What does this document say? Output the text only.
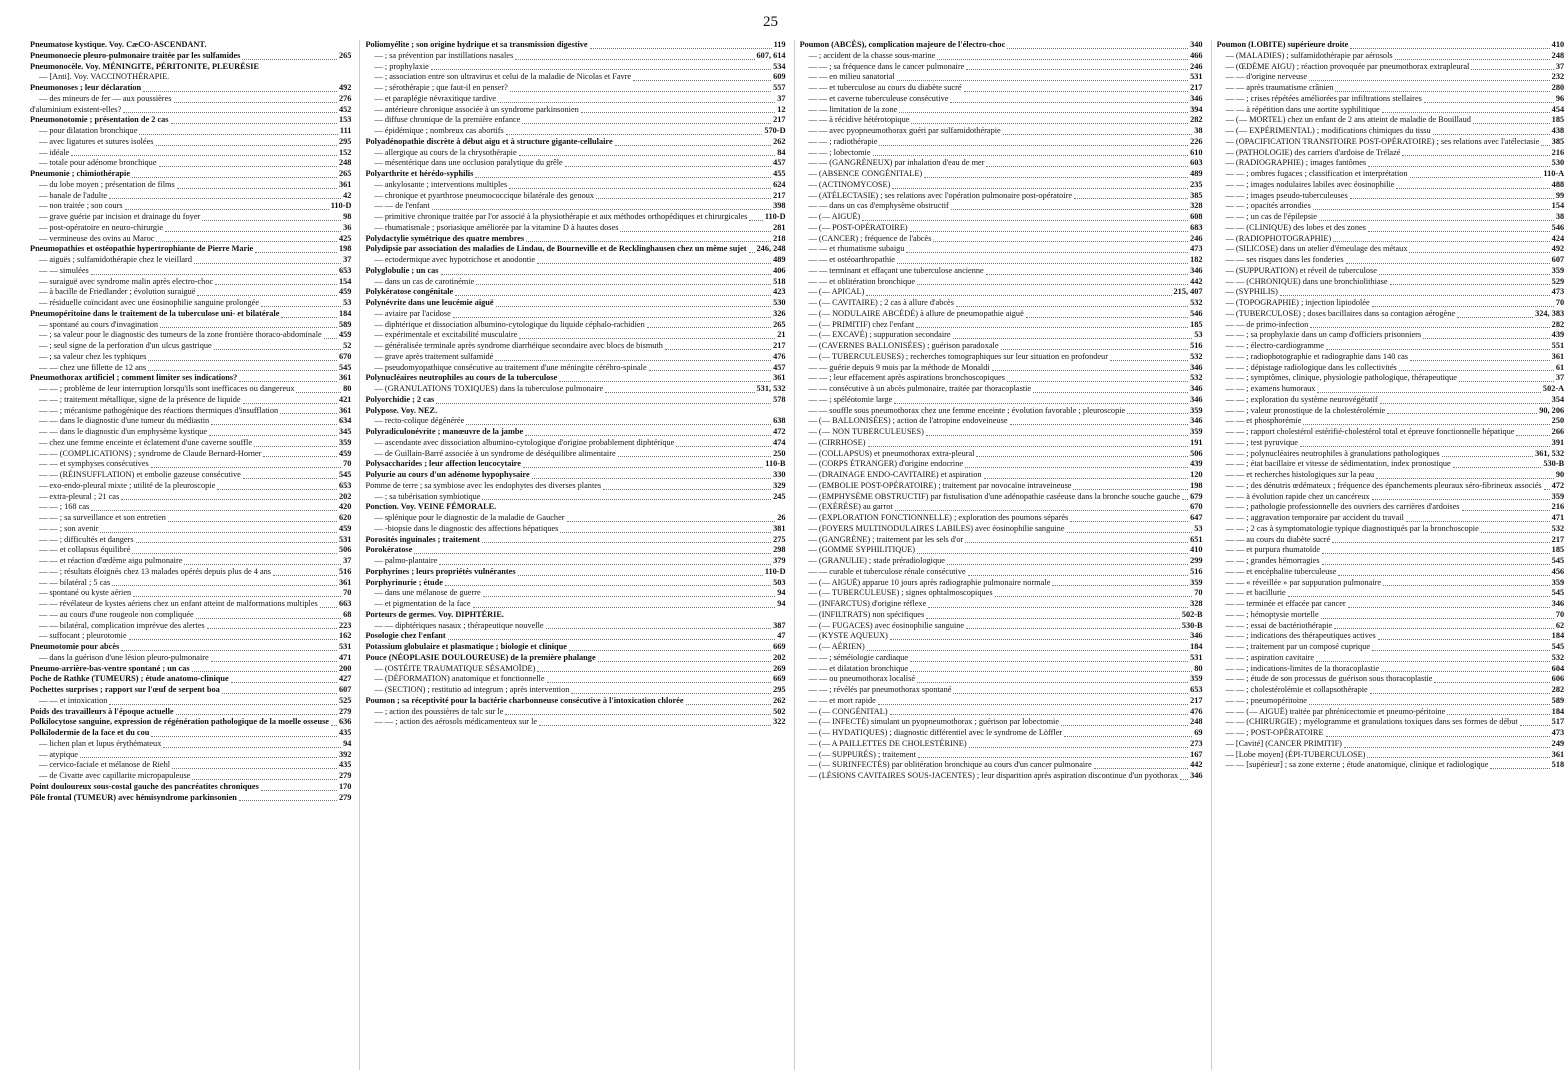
25
Pneumatose kystique. Voy. CæCO-ASCENDANT.
Pneumonoecie pleuro-pulmonaire traitée par les sulfamides	265
Pneumonocèle. Voy. MÉNINGITE, PÉRITONITE, PLEURÉSIE
— [Anti]. Voy. VACCINOTHÉRAPIE.
Pneumonoses ; leur déclaration	492
— des mineurs de fer — aux poussières	276
d'aluminium existent-elles?	452
Pneumonotomie ; présentation de 2 cas	153
— pour dilatation bronchique	111
— avec ligatures et sutures isolées	295
— idéale	152
— totale pour adénome bronchique	248
Pneumonie ; chimiothérapie	265
— du lobe moyen ; présentation de films	361
— banale de l'adulte	42
— non traitée ; son cours	110-D
— grave guérie par incision et drainage du foyer	98
— post-opératoire en neuro-chirurgie	36
— vermineuse des ovins au Maroc	425
Pneumopathies et ostéopathie hypertrophiante de Pierre Marie	198
— aiguës ; sulfamidothérapie chez le vieillard	37
— — simulées	653
— suraiguë avec syndrome malin après electro-choc	154
— à bacille de Friedlander ; évolution suraiguë	459
— résiduelle coïncidant avec une éosinophilie sanguine prolongée	53
Pneumopéritoine dans le traitement de la tuberculose uni- et bilatérale	184
— spontané au cours d'invagination	589
— ; sa valeur pour le diagnostic des tumeurs de la zone frontière thoraco-abdominale 459
— ; seul signe de la perforation d'un ulcus gastrique	52
— ; sa valeur chez les typhiques	670
— — chez une fillette de 12 ans	545
Pneumothorax artificiel ; comment limiter ses indications?	361
— — ; problème de leur interruption lorsqu'ils sont inefficaces ou dangereux	80
— — ; traitement métallique, signe de la présence de liquide	421
— — ; mécanisme pathogénique des réactions thermiques d'insufflation	361
— — dans le diagnostic d'une tumeur du médiastin	634
— — dans le diagnostic d'un emphysème kystique	345
— chez une femme enceinte et éclatement d'une caverne souffle	359
— — (COMPLICATIONS) ; syndrome de Claude Bernard-Horner	459
— — et symphyses consécutives	70
— — (RÉINSUFFLATION) et embolie gazeuse consécutive	545
— exo-endo-pleural mixte ; utilité de la pleuroscopie	653
— extra-pleural ; 21 cas	202
— — ; 168 cas	420
— — ; sa surveillance et son entretien	620
— — ; son avenir	459
— — ; difficultés et dangers	531
— — et collapsus équilibré	506
— — et réaction d'œdème aigu pulmonaire	37
— — ; résultats éloignés chez 13 malades opérés depuis plus de 4 ans	516
— — bilatéral ; 5 cas	361
— spontané ou kyste aérien	70
— — révélateur de kystes aériens chez un enfant atteint de malformations multiples	663
— — au cours d'une rougeole non compliquée	68
— — bilatéral, complication imprévue des alertes	223
— suffocant ; pleurotomie	162
Pneumotomie pour abcès	531
— dans la guérison d'une lésion pleuro-pulmonaire	471
Pneumo-arrière-bas-ventre spontané ; un cas	200
Poche de Rathke (TUMEURS) ; étude anatomo-clinique	427
Pochettes surprises ; rapport sur l'œuf de serpent boa	607
— — et intoxication	525
Poids des travailleurs à l'époque actuelle	279
Polkilocytose sanguine, expression de régénération pathologique de la moelle osseuse 636
Polkilodermie de la face et du cou	435
— lichen plan et lupus érythémateux	94
— atypique	392
— cervico-faciale et mélanose de Riehl	435
— de Civatte avec capillarite micropapuleuse	279
Point douloureux sous-costal gauche des pancréatites chroniques	170
Pôle frontal (TUMEUR) avec hémisyndrome parkinsonien	279
Poliomyélite ; son origine hydrique et sa transmission digestive	119
— ; sa prévention par instillations nasales	607, 614
— ; prophylaxie	534
— ; association entre son ultravirus et celui de la maladie de Nicolas et Favre	609
— ; sérothérapie ; que faut-il en penser?	557
— et paraplégie névraxitique tardive	37
— antérieure chronique associée à un syndrome parkinsonien	12
— diffuse chronique de la première enfance	217
— épidémique ; nombreux cas abortifs	570-D
Polyadénopathie discrète à début aigu et à structure gigante-cellulaire	262
— allergique au cours de la chrysothérapie	84
— mésentérique dans une occlusion paralytique du grêle	457
Polyarthrite et hérédo-syphilis	455
— ankylosante ; interventions multiples	624
— chronique et pyarthrose pneumococcique bilatérale des genoux	217
— — de l'enfant	398
— primitive chronique traitée par l'or associé à la physiothérapie et aux méthodes orthopédiques et chirurgicales 110-D
— rhumatismale ; psoriasique améliorée par la vitamine D à hautes doses	281
Polydactylie symétrique des quatre membres	218
Polydipsie par association des maladies de Lindau, de Bourneville et de Recklinghausen chez un même sujet 246, 248
— ectodermique avec hypotrichose et anodontie	489
Polyglobulie ; un cas	406
— dans un cas de carotinémie	518
Polykératose congénitale	423
Polynévrite dans une leucémie aiguë	530
— aviaire par l'acidose	326
— diphtérique et dissociation albumino-cytologique du liquide céphalo-rachidien	265
— expérimentale et excitabilité musculaire	21
— généralisée terminale après syndrome diarrhéique secondaire avec blocs de bismuth	217
— grave après traitement sulfamidé	476
— pseudomyopathique consécutive au traitement d'une méningite cérébro-spinale	457
Polynucléaires neutrophiles au cours de la tuberculose	361
— (GRANULATIONS TOXIQUES) dans la tuberculose pulmonaire	531, 532
Polyorchidie ; 2 cas	578
Polypose. Voy. NEZ.
— recto-colique dégénérée	638
Polyradiculonévrite ; manœuvre de la jambe	472
— ascendante avec dissociation albumino-cytologique d'origine probablement diphtérique	474
— de Guillain-Barré associée à un syndrome de déséquilibre alimentaire	250
Polysaccharides ; leur affection leucocytaire	110-B
Polyurie au cours d'un adénome hypophysaire	330
Pomme de terre ; sa symbiose avec les endophytes des diverses plantes	329
— ; sa tubérisation symbiotique	245
Ponction. Voy. VEINE FÉMORALE.
— splénique pour le diagnostic de la maladie de Gaucher	26
— -biopsie dans le diagnostic des affections hépatiques	381
Porosités inguinales ; traitement	275
Porokératose	298
— palmo-plantaire	379
Porphyrines ; leurs propriétés vulnérantes	110-D
Porphyrinurie ; étude	503
— dans une mélanose de guerre	94
— et pigmentation de la face	94
Porteurs de germes. Voy. DIPHTÉRIE.
— — diphtériques nasaux ; thérapeutique nouvelle	387
Posologie chez l'enfant	47
Potassium globulaire et plasmatique ; biologie et clinique	669
Pouce (NÉOPLASIE DOULOUREUSE) de la première phalange	202
— (OSTÉITE TRAUMATIQUE SÉSAMOÏDE)	269
— (DÉFORMATION) anatomique et fonctionnelle	669
— (SECTION) ; restitutio ad integrum ; après intervention	295
Poumon ; sa réceptivité pour la bactérie charbonneuse consécutive à l'intoxication chlorée	262
— ; action des poussières de talc sur le	502
— — ; action des aérosols médicamenteux sur le	322
Poumon (ABCÈS), complication majeure de l'électro-choc	340
— ; accident de la chasse sous-marine	466
— — ; sa fréquence dans le cancer pulmonaire	246
— — en milieu sanatorial	531
— — et tuberculose au cours du diabète sucré	217
— — et caverne tuberculeuse consécutive	346
— — limitation de la zone	394
— — à récidive hétérotopique	282
— — avec pyopneumothorax guéri par sulfamidothérapie	38
— — ; radiothérapie	226
— — ; lobectomie	610
— — (GANGRÈNEUX) par inhalation d'eau de mer	603
— (ABSENCE CONGÉNITALE)	489
— (ACTINOMYCOSE)	235
— (ATÉLECTASIE) ; ses relations avec l'opération pulmonaire post-opératoire	385
— — dans un cas d'emphysème obstructif	328
— (— AIGUË)	608
— (— POST-OPÉRATOIRE)	683
— (CANCER) ; fréquence de l'abcès	246
— — et rhumatisme subaigu	473
— — et ostéoarthropathie	182
— — terminant et effaçant une tuberculose ancienne	346
— — et oblitération bronchique	442
— (— APICAL)	215, 407
— (— CAVITAIRE) ; 2 cas à allure d'abcès	532
— (— NODULAIRE ABCÉDÉ) à allure de pneumopathie aiguë	546
— (— PRIMITIF) chez l'enfant	185
— (— EXCAVÉ) ; suppuration secondaire	53
— (CAVERNES BALLONISÉES) ; guérison paradoxale	516
— (— TUBERCULEUSES) ; recherches tomographiques sur leur situation en profondeur	532
— — guérie depuis 9 mois par la méthode de Monaldi	346
— — ; leur effacement après aspirations bronchoscopiques	532
— — consécutive à un abcès pulmonaire, traitée par thoracoplastie	346
— — ; spéléotomie large	346
— — souffle sous pneumothorax chez une femme enceinte ; évolution favorable ; pleuroscopie	359
— (— BALLONISÉES) ; action de l'atropine endoveineuse	346
— (— NON TUBERCULEUSES)	359
— (CIRRHOSE)	191
— (COLLAPSUS) et pneumothorax extra-pleural	506
— (CORPS ÉTRANGER) d'origine endocrine	439
— (DRAINAGE ENDO-CAVITAIRE) et aspiration	120
— (EMBOLIE POST-OPÉRATOIRE) ; traitement par novocaïne intraveineuse	198
— (EMPHYSÈME OBSTRUCTIF) par fistulisation d'une adénopathie caséeuse dans la bronche souche gauche 679
— (EXÉRÈSE) au garrot	670
— (EXPLORATION FONCTIONNELLE) ; exploration des poumons séparés	647
— (FOYERS MULTINODULAIRES LABILES) avec éosinophilie sanguine	53
— (GANGRÈNE) ; traitement par les sels d'or	651
— (GOMME SYPHILITIQUE)	410
— (GRANULIE) ; stade préradiologique	299
— — curable et tuberculose rénale consécutive	516
— (— AIGUË) apparue 10 jours après radiographie pulmonaire normale	359
— (— TUBERCULEUSE) ; signes ophtalmoscopiques	70
— (INFARCTUS) d'origine réflexe	328
— (INFILTRATS) non spécifiques	502-B
— (— FUGACES) avec éosinophilie sanguine	530-B
— (KYSTE AQUEUX)	346
— (— AÉRIEN)	184
— — ; séméiologie cardiaque	531
— — et dilatation bronchique	80
— — ou pneumothorax localisé	359
— — ; révélés par pneumothorax spontané	653
— — et mort rapide	217
— (— CONGÉNITAL)	476
— (— INFECTÉ) simulant un pyopneumothorax ; guérison par lobectomie	248
— (— HYDATIQUES) ; diagnostic différentiel avec le syndrome de Löffler	69
— (— A PAILLETTES DE CHOLESTÉRINE)	273
— (— SUPPURÉS) ; traitement	167
— (— SURINFECTÉS) par oblitération bronchique au cours d'un cancer pulmonaire	442
— (LÉSIONS CAVITAIRES SOUS-JACENTES) ; leur disparition après aspiration discontinue d'un pyothorax 346
Poumon (LOBITE) supérieure droite	410
— (MALADIES) ; sulfamidothérapie par aérosols	248
— (ŒDÈME AIGU) ; réaction provoquée par pneumothorax extrapleural	37
— — d'origine nerveuse	232
— — après traumatisme crânien	280
— — ; crises répétées améliorées par infiltrations stellaires	96
— — à répétition dans une aortite syphilitique	454
— (— MORTEL) chez un enfant de 2 ans atteint de maladie de Bouillaud	185
— (— EXPÉRIMENTAL) ; modifications chimiques du tissu	438
— (OPACIFICATION TRANSITOIRE POST-OPÉRATOIRE) ; ses relations avec l'atélectasie 385
— (PATHOLOGIE) des carriers d'ardoise de Trélazé	216
— (RADIOGRAPHIE) ; images fantômes	530
— — ; ombres fugaces ; classification et interprétation	110-A
— — ; images nodulaires labiles avec éosinophilie	488
— — ; images pseudo-tuberculeuses	99
— — ; opacités arrondies	154
— — ; un cas de l'épilepsie	38
— — (CLINIQUE) des lobes et des zones	546
— (RADIOPHOTOGRAPHIE)	424
— (SILICOSE) dans un atelier d'émeulage des métaux	492
— — ses risques dans les fonderies	607
— (SUPPURATION) et réveil de tuberculose	359
— — (CHRONIQUE) dans une bronchiolithiase	529
— (SYPHILIS)	473
— (TOPOGRAPHIE) ; injection lipiodolée	70
— (TUBERCULOSE) ; doses bacillaires dans sa contagion aérogène	324, 383
— — de primo-infection	282
— — ; sa prophylaxie dans un camp d'officiers prisonniers	439
— — ; électro-cardiogramme	551
— — ; radiophotographie et radiographie dans 140 cas	361
— — ; dépistage radiologique dans les collectivités	61
— — ; symptômes, clinique, physiologie pathologique, thérapeutique	37
— — ; examens humoraux	502-A
— — ; exploration du système neurovégétatif	354
— — ; valeur pronostique de la cholestérolémie	90, 206
— — et phosphorémie	250
— — ; rapport cholestérol estérifié-cholestérol total et épreuve fonctionnelle hépatique	266
— — ; test pyruvique	391
— — ; polynucléaires neutrophiles à granulations pathologiques	361, 532
— — ; état bacillaire et vitesse de sédimentation, index pronostique	530-B
— — et recherches histologiques sur la peau	90
— — ; des dénutris œdémateux ; fréquence des épanchements pleuraux séro-fibrineux associés 472
— — à évolution rapide chez un cancéreux	359
— — ; pathologie professionnelle des ouvriers des carrières d'ardoises	216
— — ; aggravation temporaire par accident du travail	471
— — ; 2 cas à symptomatologie typique diagnostiqués par la bronchoscopie	532
— — au cours du diabète sucré	217
— — et purpura rhumatoïde	185
— — ; grandes hémorragies	545
— — et encéphalite tuberculeuse	456
— — « réveillée » par suppuration pulmonaire	359
— — et bacillurie	545
— — terminée et effacée par cancer	346
— — ; hémoptysie mortelle	70
— — ; essai de bactériothérapie	62
— — ; indications des thérapeutiques actives	184
— — ; traitement par un composé cuprique	545
— — ; aspiration cavitaire	532
— — ; indications-limites de la thoracoplastie	604
— — ; étude de son processus de guérison sous thoracoplastie	606
— — ; cholestérolémie et collapsothérapie	282
— — ; pneumopéritoine	589
— — (— AIGUË) traitée par phrénicectomie et pneumo-péritoine	184
— — (CHIRURGIE) ; myélogramme et granulations toxiques dans ses formes de début	517
— — ; POST-OPÉRATOIRE	473
— [Cavité] (CANCER PRIMITIF)	249
— [Lobe moyen] (ÉPI-TUBERCULOSE)	361
— — [supérieur] ; sa zone externe ; étude anatomique, clinique et radiologique	518
